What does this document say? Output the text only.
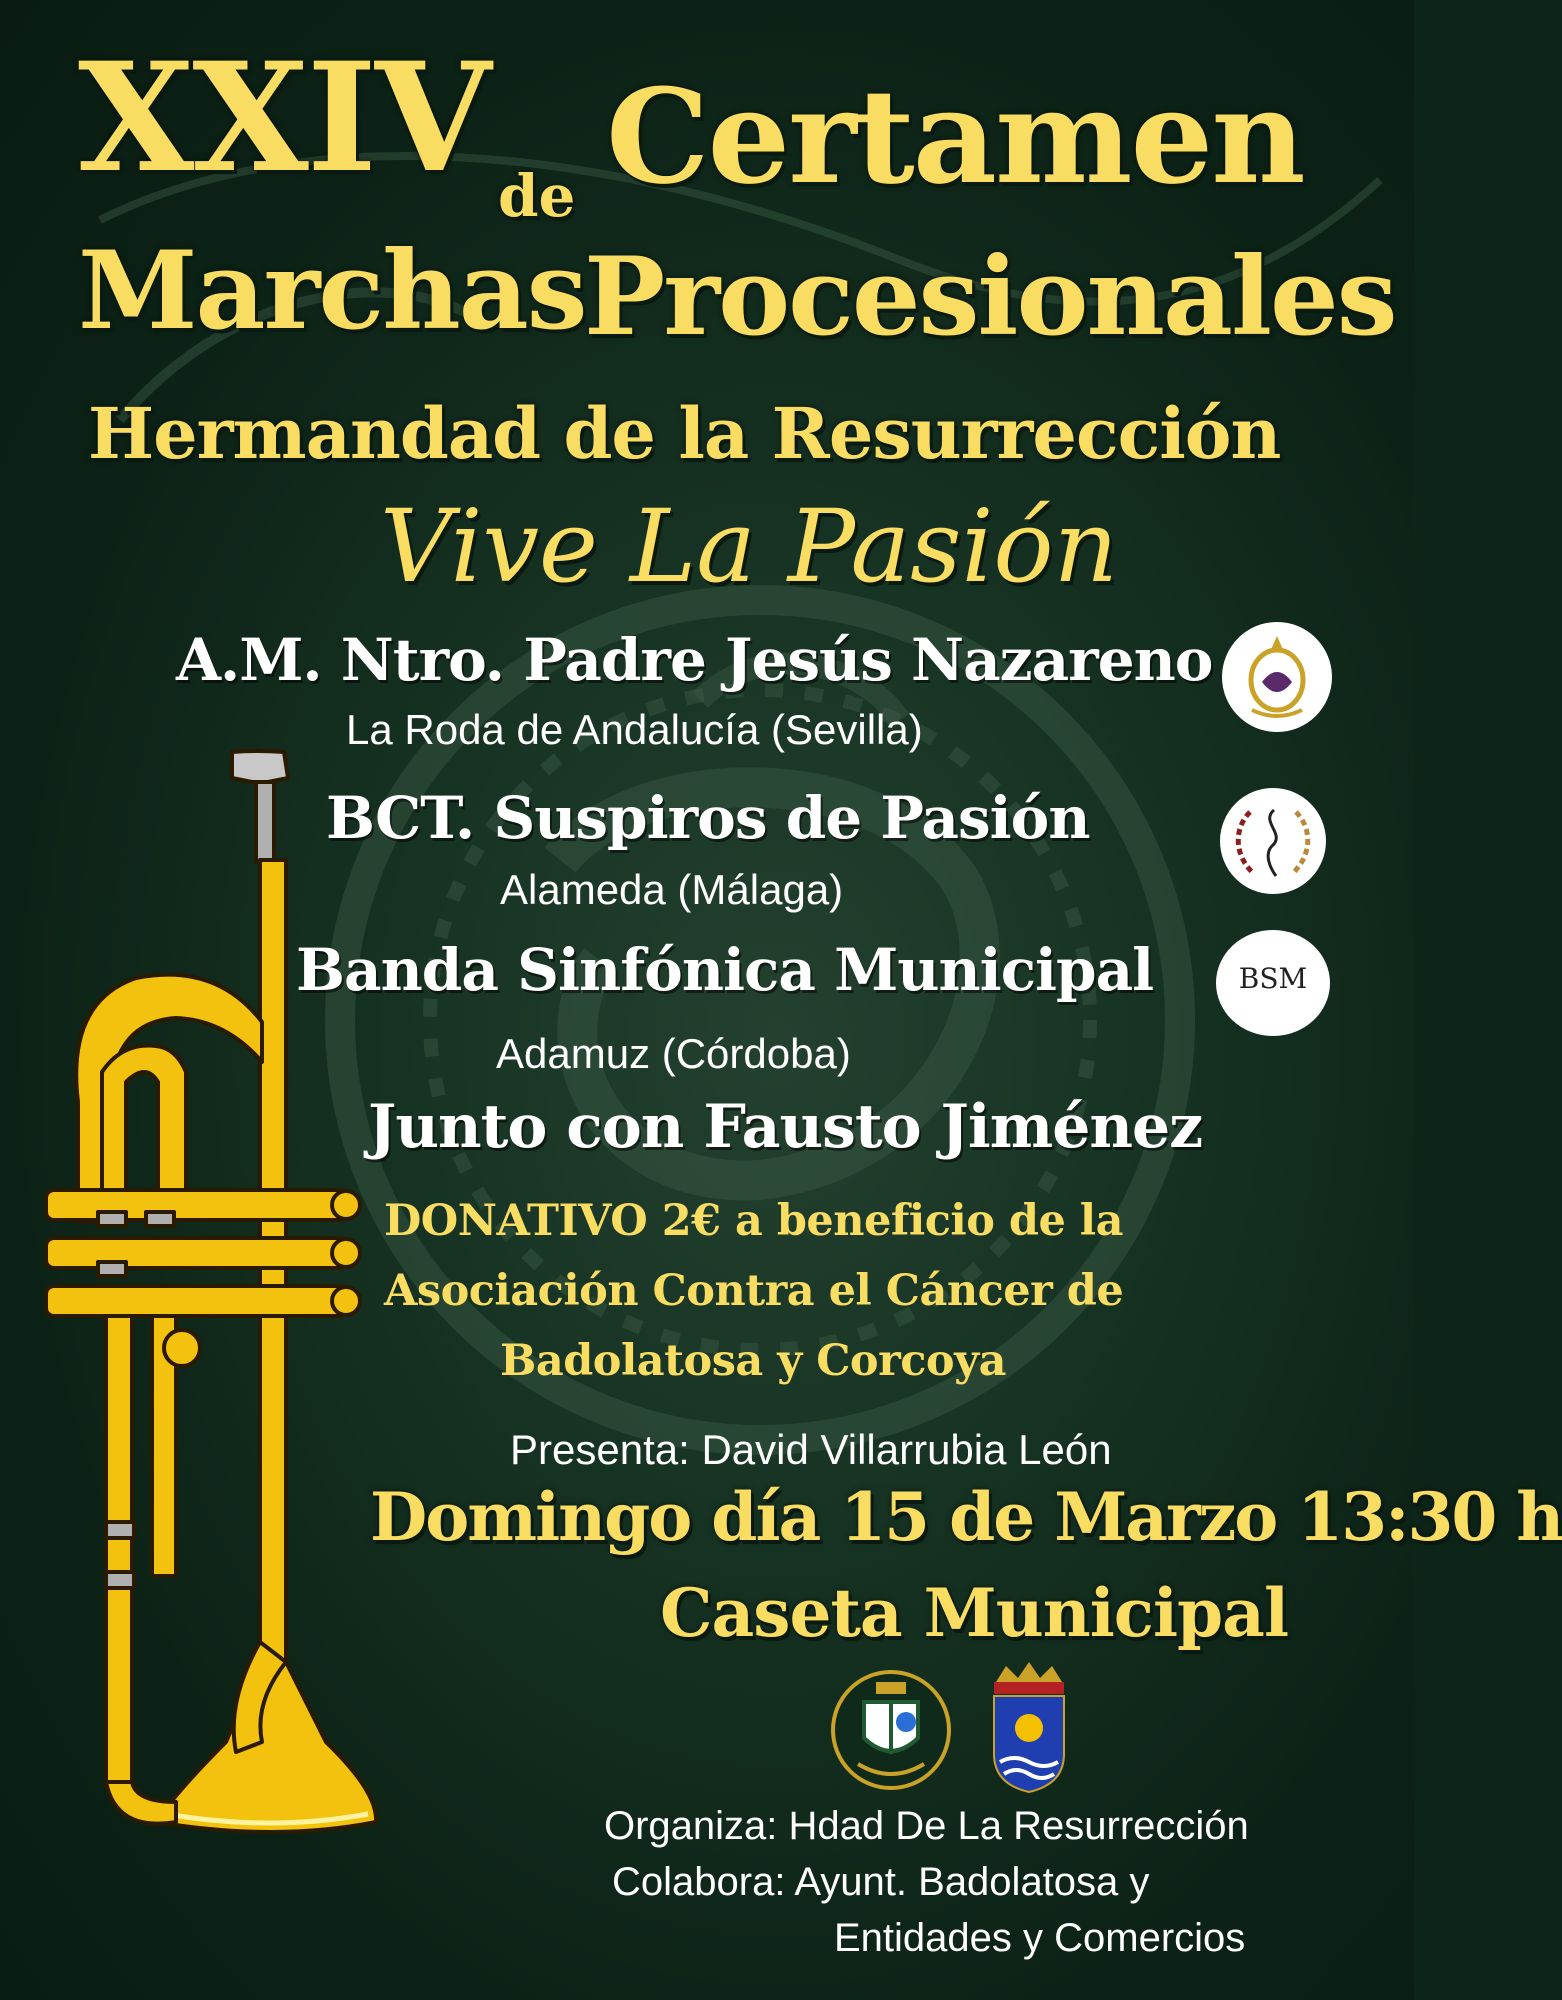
XXIV de Certamen
Marchas
Procesionales
Hermandad de la Resurrección
Vive La Pasión
A.M. Ntro. Padre Jesús Nazareno
La Roda de Andalucía (Sevilla)
BCT. Suspiros de Pasión
Alameda (Málaga)
Banda Sinfónica Municipal
Adamuz (Córdoba)
BSM
Junto con Fausto Jiménez
DONATIVO 2€ a beneficio de la
Asociación Contra el Cáncer de
Badolatosa y Corcoya
Presenta: David Villarrubia León
Domingo día 15 de Marzo 13:30 h
Caseta Municipal
Organiza: Hdad De La Resurrección
Colabora: Ayunt. Badolatosa y
Entidades y Comercios
